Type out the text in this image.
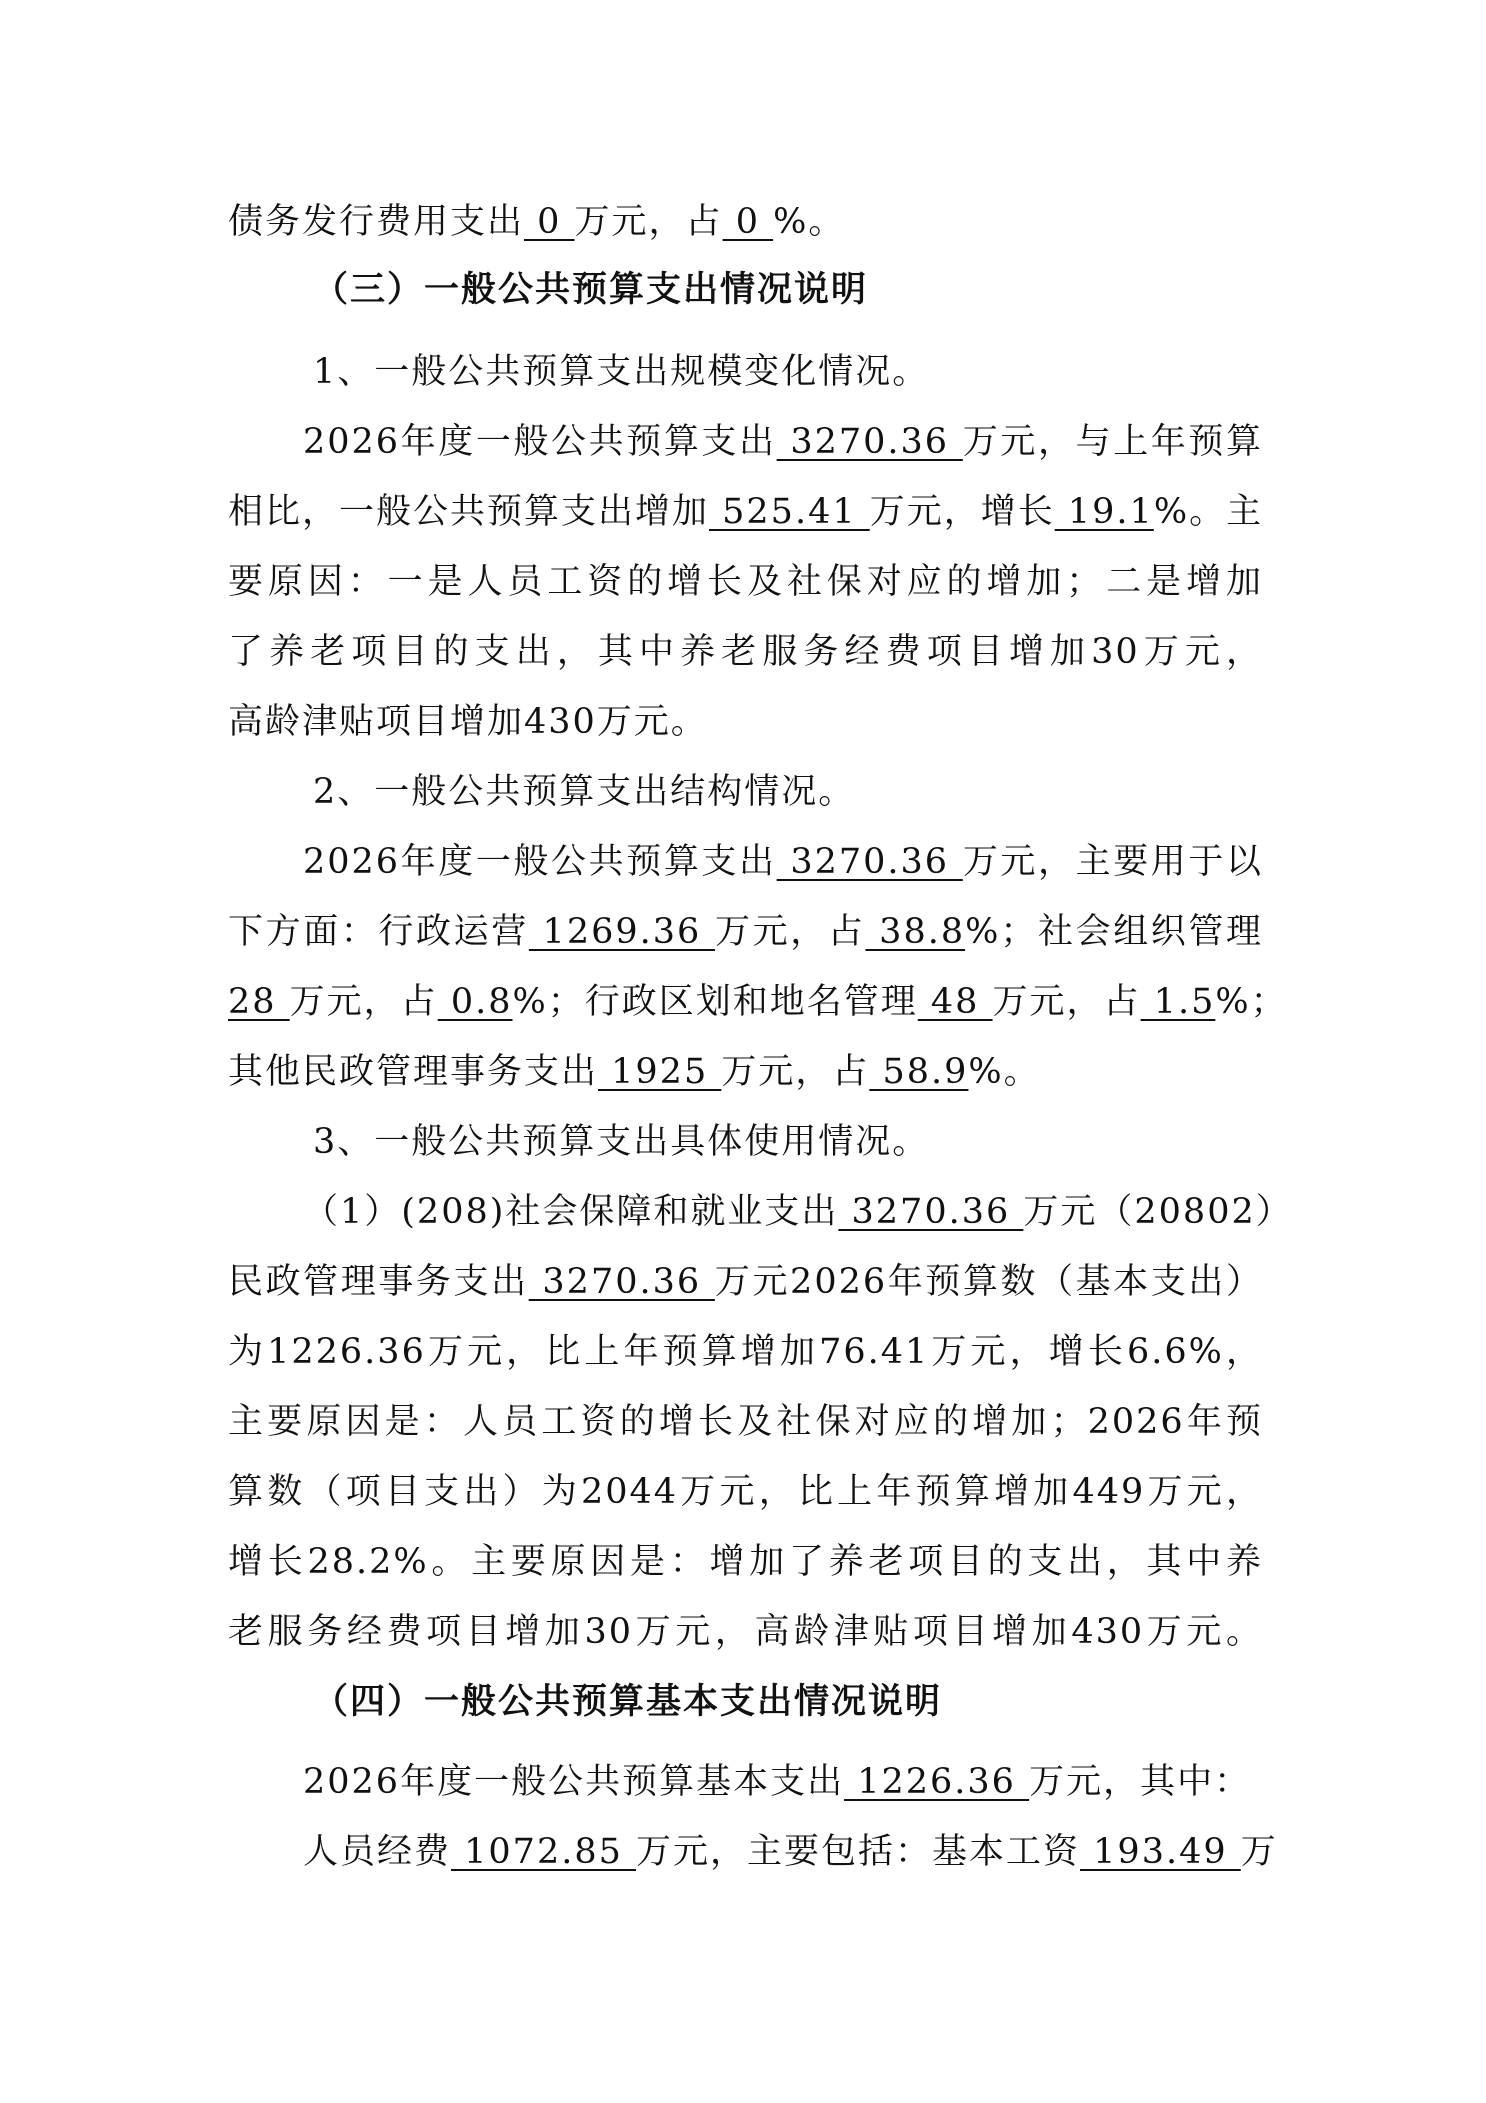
债务发行费用支出 0 万元，占 0 %。
（三）一般公共预算支出情况说明
1、一般公共预算支出规模变化情况。
2026年度一般公共预算支出 3270.36 万元，与上年预算
相比，一般公共预算支出增加 525.41 万元，增长 19.1%。主
要原因：一是人员工资的增长及社保对应的增加；二是增加
了养老项目的支出，其中养老服务经费项目增加30万元，
高龄津贴项目增加430万元。
2、一般公共预算支出结构情况。
2026年度一般公共预算支出 3270.36 万元，主要用于以
下方面：行政运营 1269.36 万元，占 38.8%；社会组织管理
28 万元，占 0.8%；行政区划和地名管理 48 万元，占 1.5%；
其他民政管理事务支出 1925 万元，占 58.9%。
3、一般公共预算支出具体使用情况。
（1）(208)社会保障和就业支出 3270.36 万元（20802）
民政管理事务支出 3270.36 万元2026年预算数（基本支出）
为1226.36万元，比上年预算增加76.41万元，增长6.6%，
主要原因是：人员工资的增长及社保对应的增加；2026年预
算数（项目支出）为2044万元，比上年预算增加449万元，
增长28.2%。主要原因是：增加了养老项目的支出，其中养
老服务经费项目增加30万元，高龄津贴项目增加430万元。
（四）一般公共预算基本支出情况说明
2026年度一般公共预算基本支出 1226.36 万元，其中：
人员经费 1072.85 万元，主要包括：基本工资 193.49 万
